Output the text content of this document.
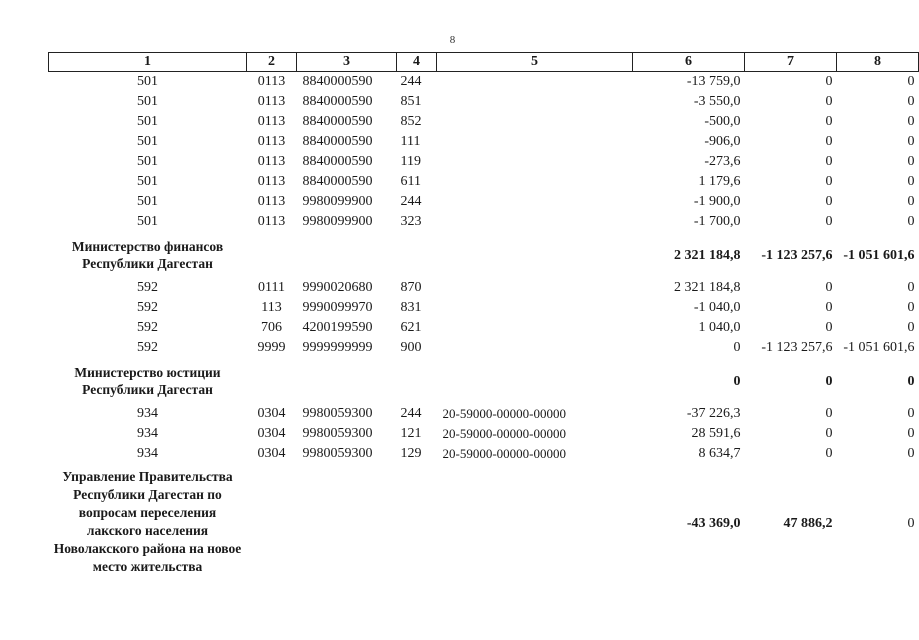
8
1	2	3	4	5	6	7	8
501	0113	8840000590	244		-13 759,0	0	0
501	0113	8840000590	851		-3 550,0	0	0
501	0113	8840000590	852		-500,0	0	0
501	0113	8840000590	111		-906,0	0	0
501	0113	8840000590	119		-273,6	0	0
501	0113	8840000590	611		1 179,6	0	0
501	0113	9980099900	244		-1 900,0	0	0
501	0113	9980099900	323		-1 700,0	0	0
Министерство финансов Республики Дагестан					2 321 184,8	-1 123 257,6	-1 051 601,6
592	0111	9990020680	870		2 321 184,8	0	0
592	113	9990099970	831		-1 040,0	0	0
592	706	4200199590	621		1 040,0	0	0
592	9999	9999999999	900		0	-1 123 257,6	-1 051 601,6
Министерство юстиции Республики Дагестан					0	0	0
934	0304	9980059300	244	20-59000-00000-00000	-37 226,3	0	0
934	0304	9980059300	121	20-59000-00000-00000	28 591,6	0	0
934	0304	9980059300	129	20-59000-00000-00000	8 634,7	0	0
Управление Правительства Республики Дагестан по вопросам переселения лакского населения Новолакского района на новое место жительства					-43 369,0	47 886,2	0
